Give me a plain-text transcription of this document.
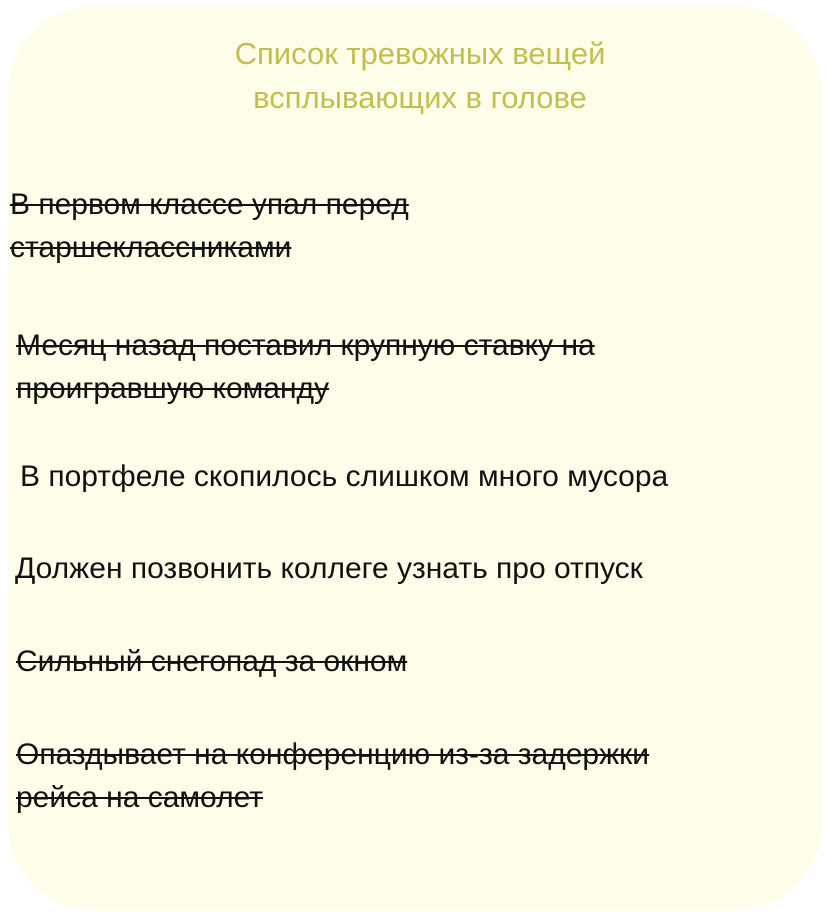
Список тревожных вещей
всплывающих в голове

В первом классе упал перед
старшеклассниками

Месяц назад поставил крупную ставку на
проигравшую команду

В портфеле скопилось слишком много мусора

Должен позвонить коллеге узнать про отпуск

Сильный снегопад за окном

Опаздывает на конференцию из-за задержки
рейса на самолет
